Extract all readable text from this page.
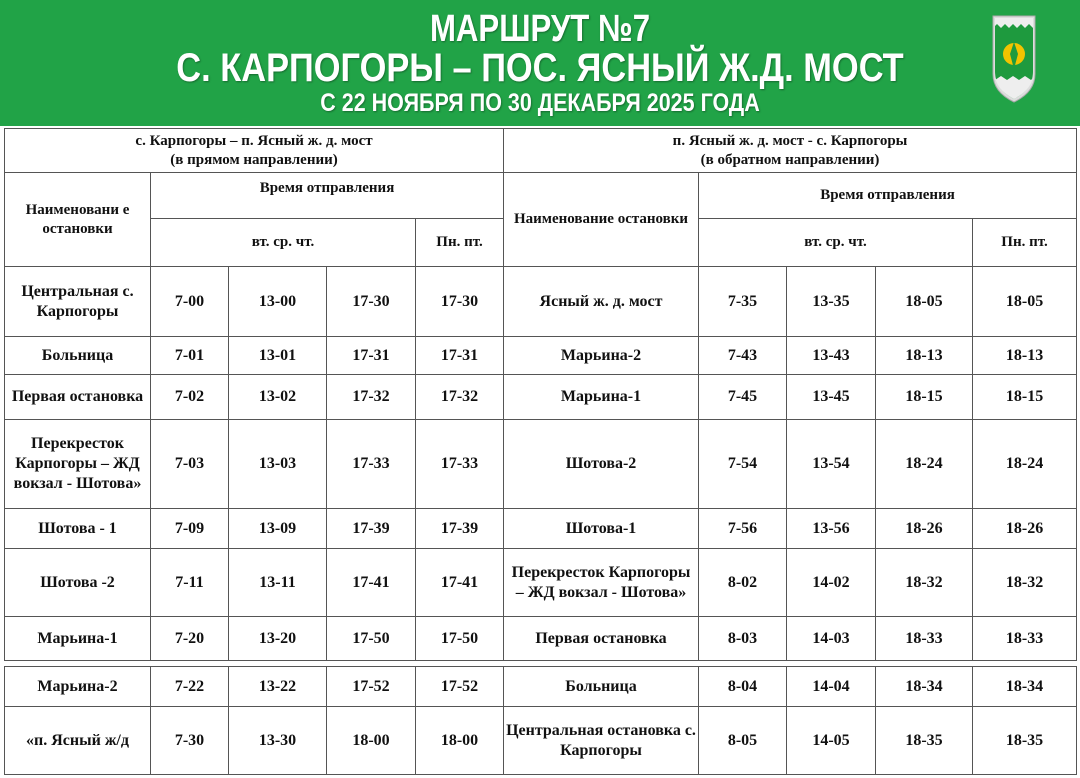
МАРШРУТ №7
С. КАРПОГОРЫ – ПОС. ЯСНЫЙ Ж.Д. МОСТ
С 22 НОЯБРЯ ПО 30 ДЕКАБРЯ 2025 ГОДА
с. Карпогоры – п. Ясный ж. д. мост
(в прямом направлении)					п. Ясный ж. д. мост - с. Карпогоры
(в обратном направлении)				
Наименовани е остановки	Время отправления				Наименование остановки	Время отправления			
	вт. ср. чт.			Пн. пт.		вт. ср. чт.			Пн. пт.
Центральная с. Карпогоры	7-00	13-00	17-30	17-30	Ясный ж. д. мост	7-35	13-35	18-05	18-05
Больница	7-01	13-01	17-31	17-31	Марьина-2	7-43	13-43	18-13	18-13
Первая остановка	7-02	13-02	17-32	17-32	Марьина-1	7-45	13-45	18-15	18-15
Перекресток Карпогоры – ЖД вокзал - Шотова»	7-03	13-03	17-33	17-33	Шотова-2	7-54	13-54	18-24	18-24
Шотова - 1	7-09	13-09	17-39	17-39	Шотова-1	7-56	13-56	18-26	18-26
Шотова -2	7-11	13-11	17-41	17-41	Перекресток Карпогоры – ЖД вокзал - Шотова»	8-02	14-02	18-32	18-32
Марьина-1	7-20	13-20	17-50	17-50	Первая остановка	8-03	14-03	18-33	18-33
Марьина-2	7-22	13-22	17-52	17-52	Больница	8-04	14-04	18-34	18-34
«п. Ясный ж/д	7-30	13-30	18-00	18-00	Центральная остановка с. Карпогоры	8-05	14-05	18-35	18-35
